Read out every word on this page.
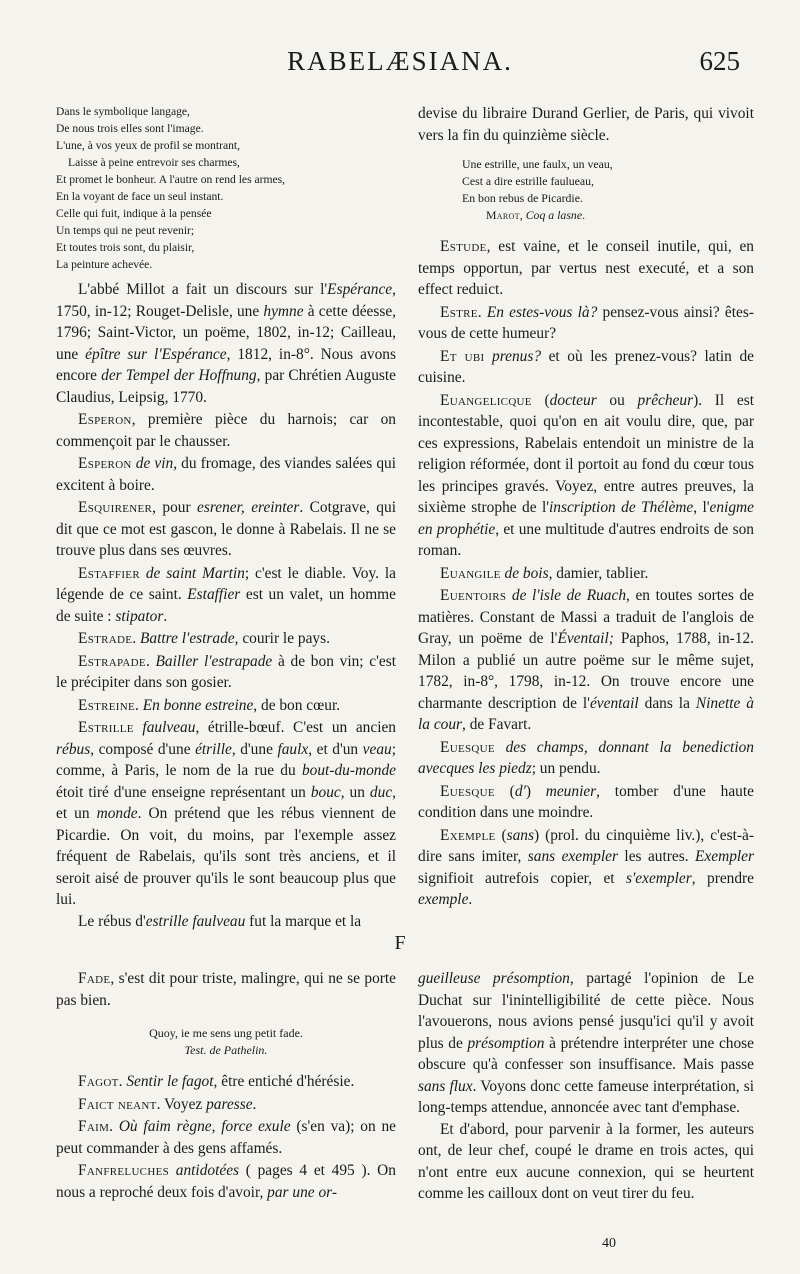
RABELÆSIANA.	625
Dans le symbolique langage,
De nous trois elles sont l'image.
L'une, à vos yeux de profil se montrant,
Laisse à peine entrevoir ses charmes,
Et promet le bonheur. A l'autre on rend les armes,
En la voyant de face un seul instant.
Celle qui fuit, indique à la pensée
Un temps qui ne peut revenir;
Et toutes trois sont, du plaisir,
La peinture achevée.

L'abbé Millot a fait un discours sur l'Espérance, 1750, in-12; Rouget-Delisle, une hymne à cette déesse, 1796; Saint-Victor, un poëme, 1802, in-12; Cailleau, une épître sur l'Espérance, 1812, in-8°. Nous avons encore der Tempel der Hoffnung, par Chrétien Auguste Claudius, Leipsig, 1770.

Esperon, première pièce du harnois; car on commençoit par le chausser.

Esperon de vin, du fromage, des viandes salées qui excitent à boire.

Esquirener, pour esrener, ereinter. Cotgrave, qui dit que ce mot est gascon, le donne à Rabelais. Il ne se trouve plus dans ses œuvres.

Estaffier de saint Martin; c'est le diable. Voy. la légende de ce saint. Estaffier est un valet, un homme de suite : stipator.

Estrade. Battre l'estrade, courir le pays.

Estrapade. Bailler l'estrapade à de bon vin; c'est le précipiter dans son gosier.

Estreine. En bonne estreine, de bon cœur.

Estrille faulveau, étrille-bœuf. C'est un ancien rébus, composé d'une étrille, d'une faulx, et d'un veau; comme, à Paris, le nom de la rue du bout-du-monde étoit tiré d'une enseigne représentant un bouc, un duc, et un monde. On prétend que les rébus viennent de Picardie. On voit, du moins, par l'exemple assez fréquent de Rabelais, qu'ils sont très anciens, et il seroit aisé de prouver qu'ils le sont beaucoup plus que lui.

Le rébus d'estrille faulveau fut la marque et la

devise du libraire Durand Gerlier, de Paris, qui vivoit vers la fin du quinzième siècle.

Une estrille, une faulx, un veau,
Cest a dire estrille faulueau,
En bon rebus de Picardie.
Marot, Coq a lasne.

Estude, est vaine, et le conseil inutile, qui, en temps opportun, par vertus nest executé, et a son effect reduict.

Estre. En estes-vous là? pensez-vous ainsi? êtes-vous de cette humeur?

Et ubi prenus? et où les prenez-vous? latin de cuisine.

Euangelicque (docteur ou prêcheur). Il est incontestable, quoi qu'on en ait voulu dire, que, par ces expressions, Rabelais entendoit un ministre de la religion réformée, dont il portoit au fond du cœur tous les principes gravés. Voyez, entre autres preuves, la sixième strophe de l'inscription de Thélème, l'enigme en prophétie, et une multitude d'autres endroits de son roman.

Euangile de bois, damier, tablier.

Euentoirs de l'isle de Ruach, en toutes sortes de matières. Constant de Massi a traduit de l'anglois de Gray, un poëme de l'Éventail; Paphos, 1788, in-12. Milon a publié un autre poëme sur le même sujet, 1782, in-8°, 1798, in-12. On trouve encore une charmante description de l'éventail dans la Ninette à la cour, de Favart.

Euesque des champs, donnant la benediction avecques les piedz; un pendu.

Euesque (d') meunier, tomber d'une haute condition dans une moindre.

Exemple (sans) (prol. du cinquième liv.), c'est-à-dire sans imiter, sans exempler les autres. Exempler signifioit autrefois copier, et s'exempler, prendre exemple.

F

Fade, s'est dit pour triste, malingre, qui ne se porte pas bien.

Quoy, ie me sens ung petit fade.
Test. de Pathelin.

Fagot. Sentir le fagot, être entiché d'hérésie.

Faict neant. Voyez paresse.

Faim. Où faim règne, force exule (s'en va); on ne peut commander à des gens affamés.

Fanfreluches antidotées ( pages 4 et 495 ). On nous a reproché deux fois d'avoir, par une or-

gueilleuse présomption, partagé l'opinion de Le Duchat sur l'inintelligibilité de cette pièce. Nous l'avouerons, nous avions pensé jusqu'ici qu'il y avoit plus de présomption à prétendre interpréter une chose obscure qu'à confesser son insuffisance. Mais passe sans flux. Voyons donc cette fameuse interprétation, si long-temps attendue, annoncée avec tant d'emphase.

Et d'abord, pour parvenir à la former, les auteurs ont, de leur chef, coupé le drame en trois actes, qui n'ont entre eux aucune connexion, qui se heurtent comme les cailloux dont on veut tirer du feu.

40
